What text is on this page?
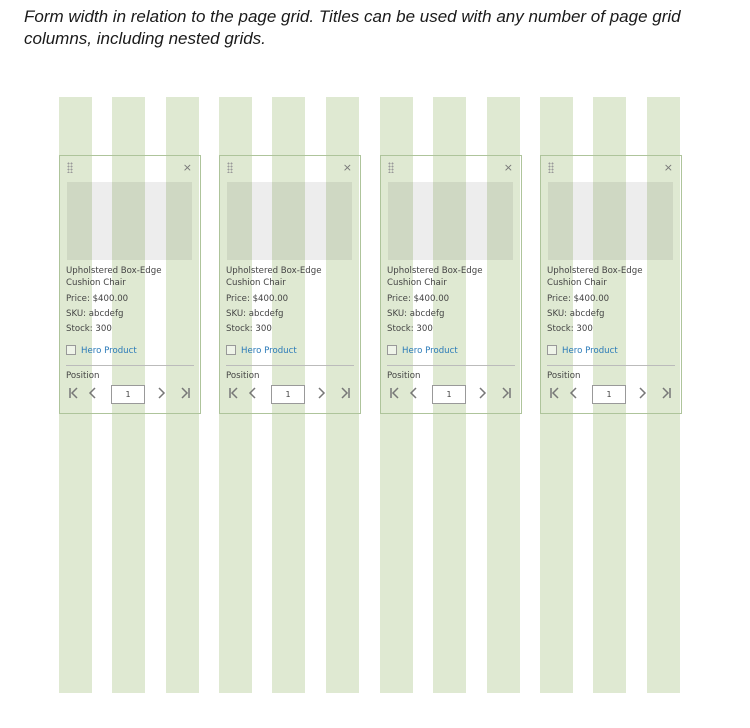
Form width in relation to the page grid. Titles can be used with any number of page grid columns, including nested grids.
×
Upholstered Box-Edge
Cushion Chair
Price: $400.00
SKU: abcdefg
Stock: 300
Hero Product
Position
1
×
Upholstered Box-Edge
Cushion Chair
Price: $400.00
SKU: abcdefg
Stock: 300
Hero Product
Position
1
×
Upholstered Box-Edge
Cushion Chair
Price: $400.00
SKU: abcdefg
Stock: 300
Hero Product
Position
1
×
Upholstered Box-Edge
Cushion Chair
Price: $400.00
SKU: abcdefg
Stock: 300
Hero Product
Position
1
